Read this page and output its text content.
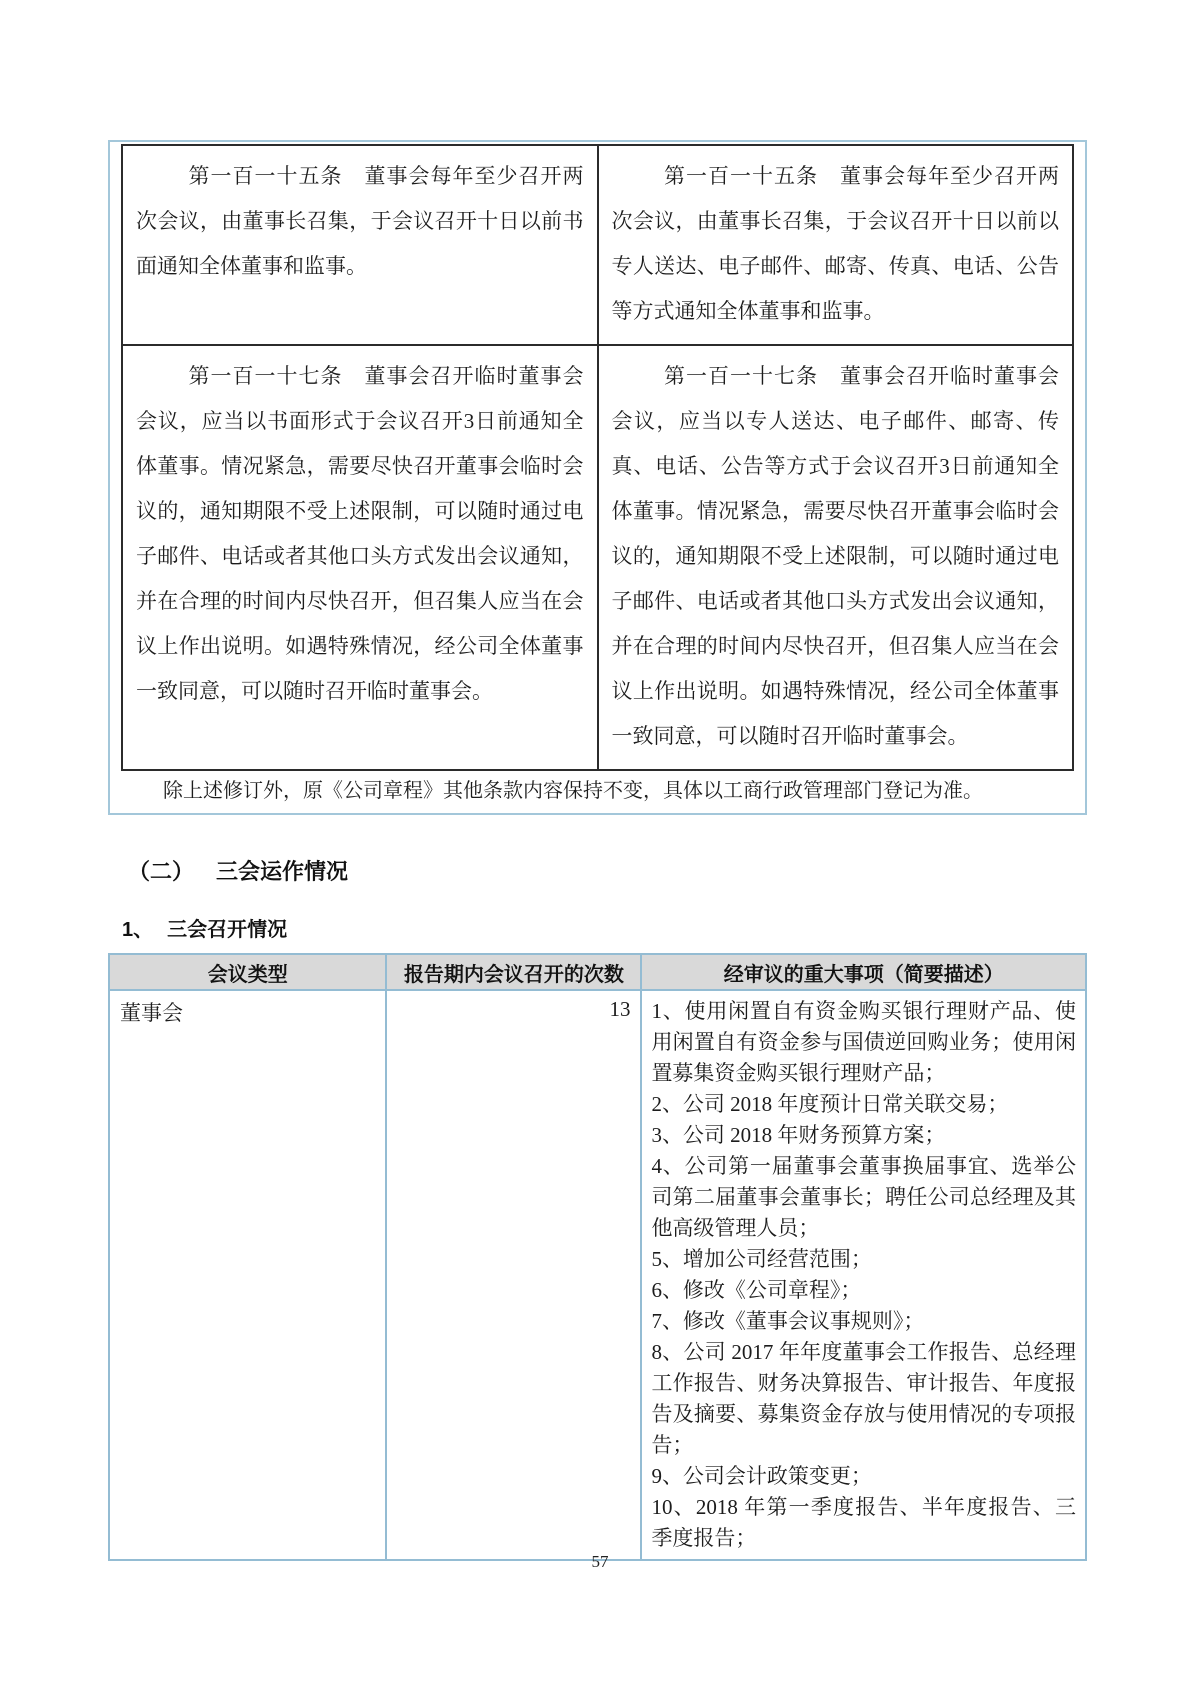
第一百一十五条　董事会每年至少召开两次会议，由董事长召集，于会议召开十日以前书面通知全体董事和监事。	第一百一十五条　董事会每年至少召开两次会议，由董事长召集，于会议召开十日以前以专人送达、电子邮件、邮寄、传真、电话、公告等方式通知全体董事和监事。
第一百一十七条　董事会召开临时董事会会议，应当以书面形式于会议召开3日前通知全体董事。情况紧急，需要尽快召开董事会临时会议的，通知期限不受上述限制，可以随时通过电子邮件、电话或者其他口头方式发出会议通知，并在合理的时间内尽快召开，但召集人应当在会议上作出说明。如遇特殊情况，经公司全体董事一致同意，可以随时召开临时董事会。	第一百一十七条　董事会召开临时董事会会议，应当以专人送达、电子邮件、邮寄、传真、电话、公告等方式于会议召开3日前通知全体董事。情况紧急，需要尽快召开董事会临时会议的，通知期限不受上述限制，可以随时通过电子邮件、电话或者其他口头方式发出会议通知，并在合理的时间内尽快召开，但召集人应当在会议上作出说明。如遇特殊情况，经公司全体董事一致同意，可以随时召开临时董事会。

除上述修订外，原《公司章程》其他条款内容保持不变，具体以工商行政管理部门登记为准。

（二） 三会运作情况
1、 三会召开情况
会议类型	报告期内会议召开的次数	经审议的重大事项（简要描述）
董事会	13	1、使用闲置自有资金购买银行理财产品、使用闲置自有资金参与国债逆回购业务；使用闲置募集资金购买银行理财产品；
2、公司 2018 年度预计日常关联交易；
3、公司 2018 年财务预算方案；
4、公司第一届董事会董事换届事宜、选举公司第二届董事会董事长；聘任公司总经理及其他高级管理人员；
5、增加公司经营范围；
6、修改《公司章程》；
7、修改《董事会议事规则》；
8、公司 2017 年年度董事会工作报告、总经理工作报告、财务决算报告、审计报告、年度报告及摘要、募集资金存放与使用情况的专项报告；
9、公司会计政策变更；
10、2018 年第一季度报告、半年度报告、三季度报告；
57
